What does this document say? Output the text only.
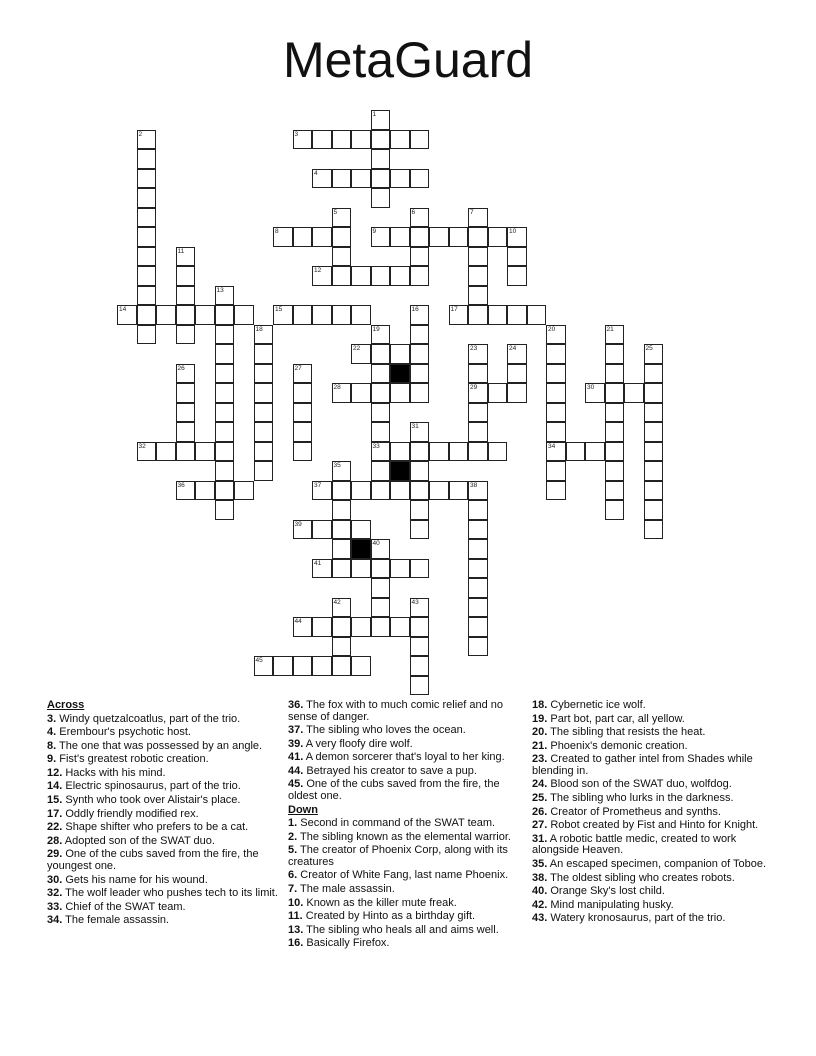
MetaGuard
1
2	3
4
5	6	7
8	9	10
11
12
13
14	15	16	17
18	19
33
20
34
21
22	23
29
24	25
26	27
28	30
31
32
35
36	37	38
39
40
41
42	43
44
45
Across
3. Windy quetzalcoatlus, part of the trio.
4. Erembour's psychotic host.
8. The one that was possessed by an angle.
9. Fist's greatest robotic creation.
12. Hacks with his mind.
14. Electric spinosaurus, part of the trio.
15. Synth who took over Alistair's place.
17. Oddly friendly modified rex.
22. Shape shifter who prefers to be a cat.
28. Adopted son of the SWAT duo.
29. One of the cubs saved from the fire, the youngest one.
30. Gets his name for his wound.
32. The wolf leader who pushes tech to its limit.
33. Chief of the SWAT team.
34. The female assassin.
36. The fox with to much comic relief and no sense of danger.
37. The sibling who loves the ocean.
39. A very floofy dire wolf.
41. A demon sorcerer that's loyal to her king.
44. Betrayed his creator to save a pup.
45. One of the cubs saved from the fire, the oldest one.
Down
1. Second in command of the SWAT team.
2. The sibling known as the elemental warrior.
5. The creator of Phoenix Corp, along with its creatures
6. Creator of White Fang, last name Phoenix.
7. The male assassin.
10. Known as the killer mute freak.
11. Created by Hinto as a birthday gift.
13. The sibling who heals all and aims well.
16. Basically Firefox.
18. Cybernetic ice wolf.
19. Part bot, part car, all yellow.
20. The sibling that resists the heat.
21. Phoenix's demonic creation.
23. Created to gather intel from Shades while blending in.
24. Blood son of the SWAT duo, wolfdog.
25. The sibling who lurks in the darkness.
26. Creator of Prometheus and synths.
27. Robot created by Fist and Hinto for Knight.
31. A robotic battle medic, created to work alongside Heaven.
35. An escaped specimen, companion of Toboe.
38. The oldest sibling who creates robots.
40. Orange Sky's lost child.
42. Mind manipulating husky.
43. Watery kronosaurus, part of the trio.
